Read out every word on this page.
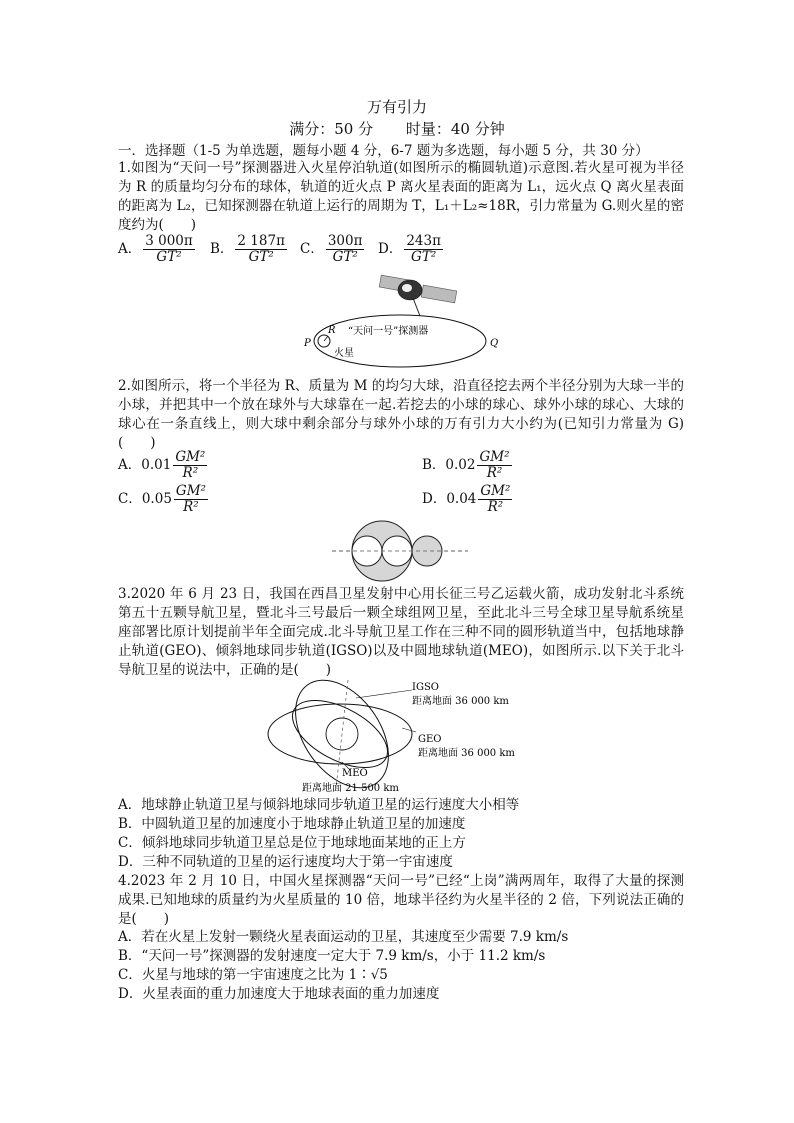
万有引力
满分：50 分 时量：40 分钟
一．选择题（1-5 为单选题，题每小题 4 分，6-7 题为多选题，每小题 5 分，共 30 分）
1.如图为“天问一号”探测器进入火星停泊轨道(如图所示的椭圆轨道)示意图.若火星可视为半径为 R 的质量均匀分布的球体，轨道的近火点 P 离火星表面的距离为 L₁，远火点 Q 离火星表面的距离为 L₂，已知探测器在轨道上运行的周期为 T，L₁＋L₂≈18R，引力常量为 G.则火星的密度约为(　　)
A． $\frac{3 000\pi}{\text{GT²}}$ B． $\frac{2 187\pi}{\text{GT²}}$ C． $\frac{300\pi}{\text{GT²}}$ D． $\frac{243\pi}{\text{GT²}}$
R “天问一号”探测器
P	Q
火星
2.如图所示，将一个半径为 R、质量为 M 的均匀大球，沿直径挖去两个半径分别为大球一半的小球，并把其中一个放在球外与大球靠在一起.若挖去的小球的球心、球外小球的球心、大球的球心在一条直线上，则大球中剩余部分与球外小球的万有引力大小约为(已知引力常量为 G)(　　)
A．$0.01 \frac{\text{GM²}}{\text{R²}}$	B．$0.02 \frac{\text{GM²}}{\text{R²}}$
C．$0.05 \frac{\text{GM²}}{\text{R²}}$	D．$0.04 \frac{\text{GM²}}{\text{R²}}$
3.2020 年 6 月 23 日，我国在西昌卫星发射中心用长征三号乙运载火箭，成功发射北斗系统第五十五颗导航卫星，暨北斗三号最后一颗全球组网卫星，至此北斗三号全球卫星导航系统星座部署比原计划提前半年全面完成.北斗导航卫星工作在三种不同的圆形轨道当中，包括地球静止轨道(GEO)、倾斜地球同步轨道(IGSO)以及中圆地球轨道(MEO)，如图所示.以下关于北斗导航卫星的说法中，正确的是(　　)
IGSO
距离地面 36 000 km
GEO
距离地面 36 000 km
MEO
距离地面 21 500 km
A．地球静止轨道卫星与倾斜地球同步轨道卫星的运行速度大小相等
B．中圆轨道卫星的加速度小于地球静止轨道卫星的加速度
C．倾斜地球同步轨道卫星总是位于地球地面某地的正上方
D．三种不同轨道的卫星的运行速度均大于第一宇宙速度
4.2023 年 2 月 10 日，中国火星探测器“天问一号”已经“上岗”满两周年，取得了大量的探测成果.已知地球的质量约为火星质量的 10 倍，地球半径约为火星半径的 2 倍，下列说法正确的是(　　)
A．若在火星上发射一颗绕火星表面运动的卫星，其速度至少需要 7.9 km/s
B．“天问一号”探测器的发射速度一定大于 7.9 km/s，小于 11.2 km/s
C．火星与地球的第一宇宙速度之比为 1∶√5
D．火星表面的重力加速度大于地球表面的重力加速度
